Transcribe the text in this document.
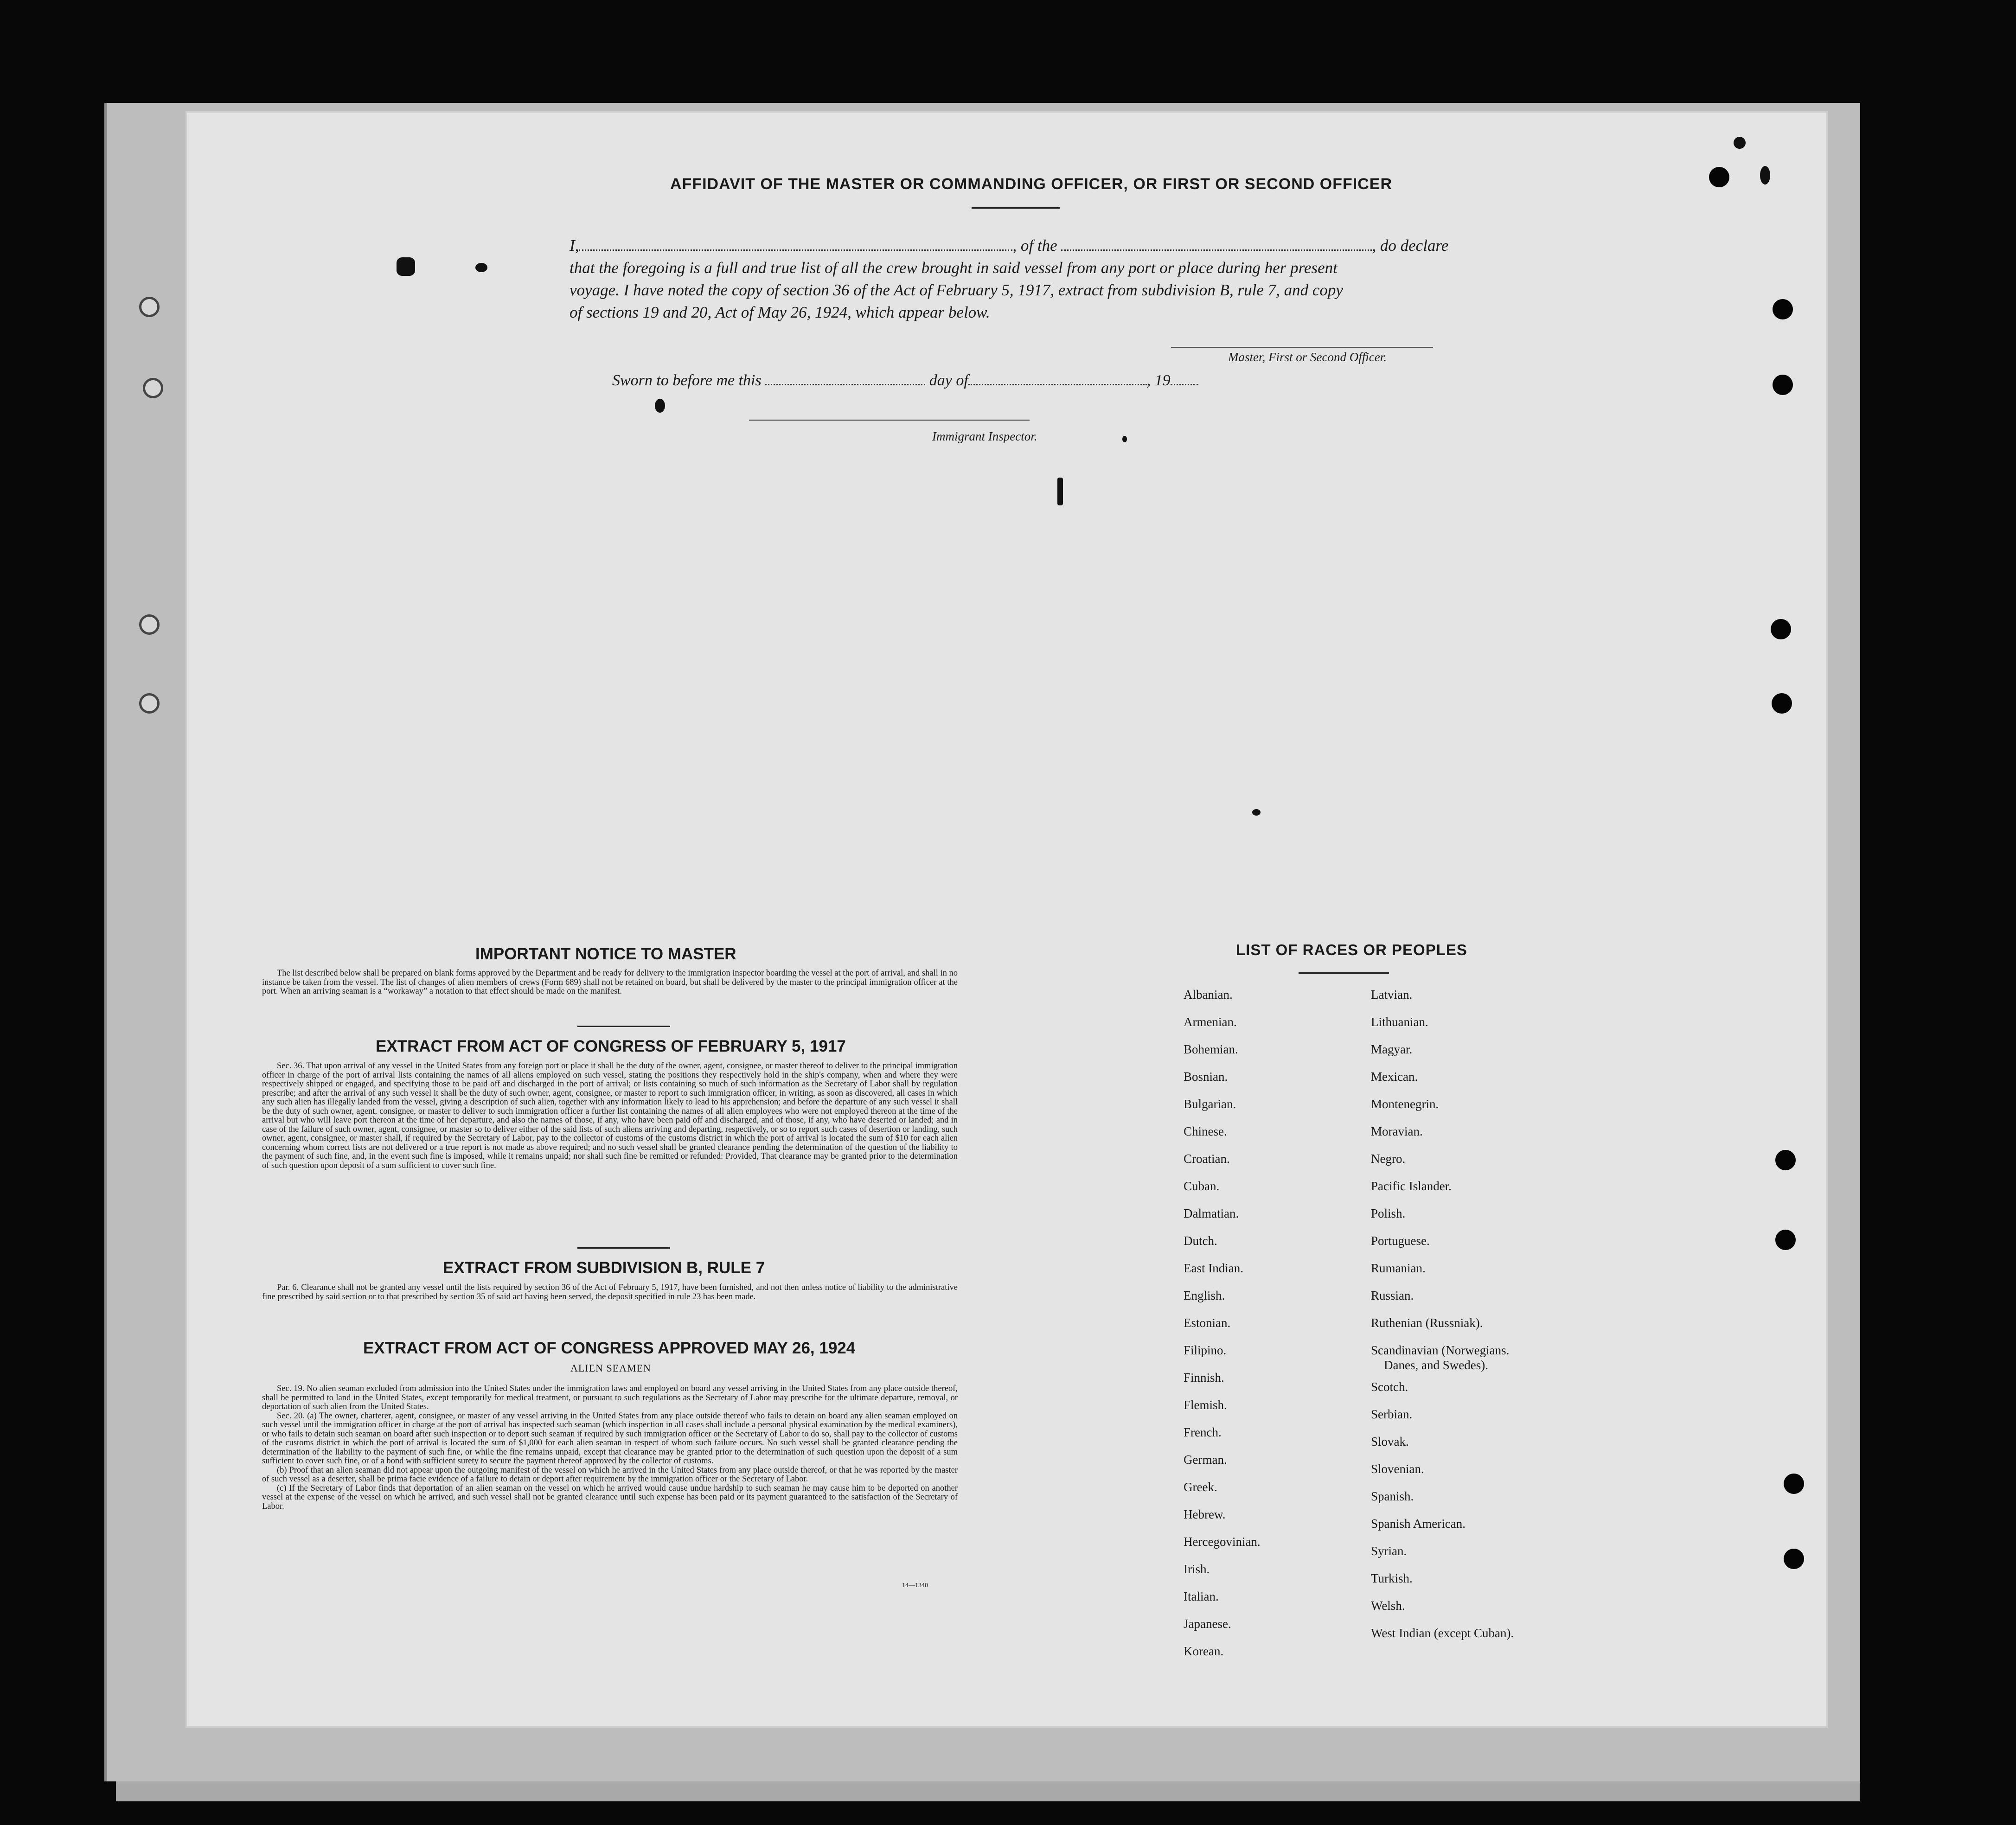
AFFIDAVIT OF THE MASTER OR COMMANDING OFFICER, OR FIRST OR SECOND OFFICER
I,	, of the	, do declare
that the foregoing is a full and true list of all the crew brought in said vessel from any port or place during her present
voyage. I have noted the copy of section 36 of the Act of February 5, 1917, extract from subdivision B, rule 7, and copy
of sections 19 and 20, Act of May 26, 1924, which appear below.
Master, First or Second Officer.
Sworn to before me this	day of	, 19
Immigrant Inspector.
IMPORTANT NOTICE TO MASTER

The list described below shall be prepared on blank forms approved by the Department and be ready for delivery to the immigration inspector boarding the vessel at the port of arrival, and shall in no instance be taken from the vessel. The list of changes of alien members of crews (Form 689) shall not be retained on board, but shall be delivered by the master to the principal immigration officer at the port. When an arriving seaman is a “workaway” a notation to that effect should be made on the manifest.

EXTRACT FROM ACT OF CONGRESS OF FEBRUARY 5, 1917

Sec. 36. That upon arrival of any vessel in the United States from any foreign port or place it shall be the duty of the owner, agent, consignee, or master thereof to deliver to the principal immigration officer in charge of the port of arrival lists containing the names of all aliens employed on such vessel, stating the positions they respectively hold in the ship's company, when and where they were respectively shipped or engaged, and specifying those to be paid off and discharged in the port of arrival; or lists containing so much of such information as the Secretary of Labor shall by regulation prescribe; and after the arrival of any such vessel it shall be the duty of such owner, agent, consignee, or master to report to such immigration officer, in writing, as soon as discovered, all cases in which any such alien has illegally landed from the vessel, giving a description of such alien, together with any information likely to lead to his apprehension; and before the departure of any such vessel it shall be the duty of such owner, agent, consignee, or master to deliver to such immigration officer a further list containing the names of all alien employees who were not employed thereon at the time of the arrival but who will leave port thereon at the time of her departure, and also the names of those, if any, who have been paid off and discharged, and of those, if any, who have deserted or landed; and in case of the failure of such owner, agent, consignee, or master so to deliver either of the said lists of such aliens arriving and departing, respectively, or so to report such cases of desertion or landing, such owner, agent, consignee, or master shall, if required by the Secretary of Labor, pay to the collector of customs of the customs district in which the port of arrival is located the sum of $10 for each alien concerning whom correct lists are not delivered or a true report is not made as above required; and no such vessel shall be granted clearance pending the determination of the question of the liability to the payment of such fine, and, in the event such fine is imposed, while it remains unpaid; nor shall such fine be remitted or refunded: Provided, That clearance may be granted prior to the determination of such question upon deposit of a sum sufficient to cover such fine.

EXTRACT FROM SUBDIVISION B, RULE 7

Par. 6. Clearance shall not be granted any vessel until the lists required by section 36 of the Act of February 5, 1917, have been furnished, and not then unless notice of liability to the administrative fine prescribed by said section or to that prescribed by section 35 of said act having been served, the deposit specified in rule 23 has been made.

EXTRACT FROM ACT OF CONGRESS APPROVED MAY 26, 1924
ALIEN SEAMEN

Sec. 19. No alien seaman excluded from admission into the United States under the immigration laws and employed on board any vessel arriving in the United States from any place outside thereof, shall be permitted to land in the United States, except temporarily for medical treatment, or pursuant to such regulations as the Secretary of Labor may prescribe for the ultimate departure, removal, or deportation of such alien from the United States.

Sec. 20. (a) The owner, charterer, agent, consignee, or master of any vessel arriving in the United States from any place outside thereof who fails to detain on board any alien seaman employed on such vessel until the immigration officer in charge at the port of arrival has inspected such seaman (which inspection in all cases shall include a personal physical examination by the medical examiners), or who fails to detain such seaman on board after such inspection or to deport such seaman if required by such immigration officer or the Secretary of Labor to do so, shall pay to the collector of customs of the customs district in which the port of arrival is located the sum of $1,000 for each alien seaman in respect of whom such failure occurs. No such vessel shall be granted clearance pending the determination of the liability to the payment of such fine, or while the fine remains unpaid, except that clearance may be granted prior to the determination of such question upon the deposit of a sum sufficient to cover such fine, or of a bond with sufficient surety to secure the payment thereof approved by the collector of customs.

(b) Proof that an alien seaman did not appear upon the outgoing manifest of the vessel on which he arrived in the United States from any place outside thereof, or that he was reported by the master of such vessel as a deserter, shall be prima facie evidence of a failure to detain or deport after requirement by the immigration officer or the Secretary of Labor.

(c) If the Secretary of Labor finds that deportation of an alien seaman on the vessel on which he arrived would cause undue hardship to such seaman he may cause him to be deported on another vessel at the expense of the vessel on which he arrived, and such vessel shall not be granted clearance until such expense has been paid or its payment guaranteed to the satisfaction of the Secretary of Labor.

14—1340
LIST OF RACES OR PEOPLES
Albanian.
Armenian.
Bohemian.
Bosnian.
Bulgarian.
Chinese.
Croatian.
Cuban.
Dalmatian.
Dutch.
East Indian.
English.
Estonian.
Filipino.
Finnish.
Flemish.
French.
German.
Greek.
Hebrew.
Hercegovinian.
Irish.
Italian.
Japanese.
Korean.
Latvian.
Lithuanian.
Magyar.
Mexican.
Montenegrin.
Moravian.
Negro.
Pacific Islander.
Polish.
Portuguese.
Rumanian.
Russian.
Ruthenian (Russniak).
Scandinavian (Norwegians.
Danes, and Swedes).
Scotch.
Serbian.
Slovak.
Slovenian.
Spanish.
Spanish American.
Syrian.
Turkish.
Welsh.
West Indian (except Cuban).
